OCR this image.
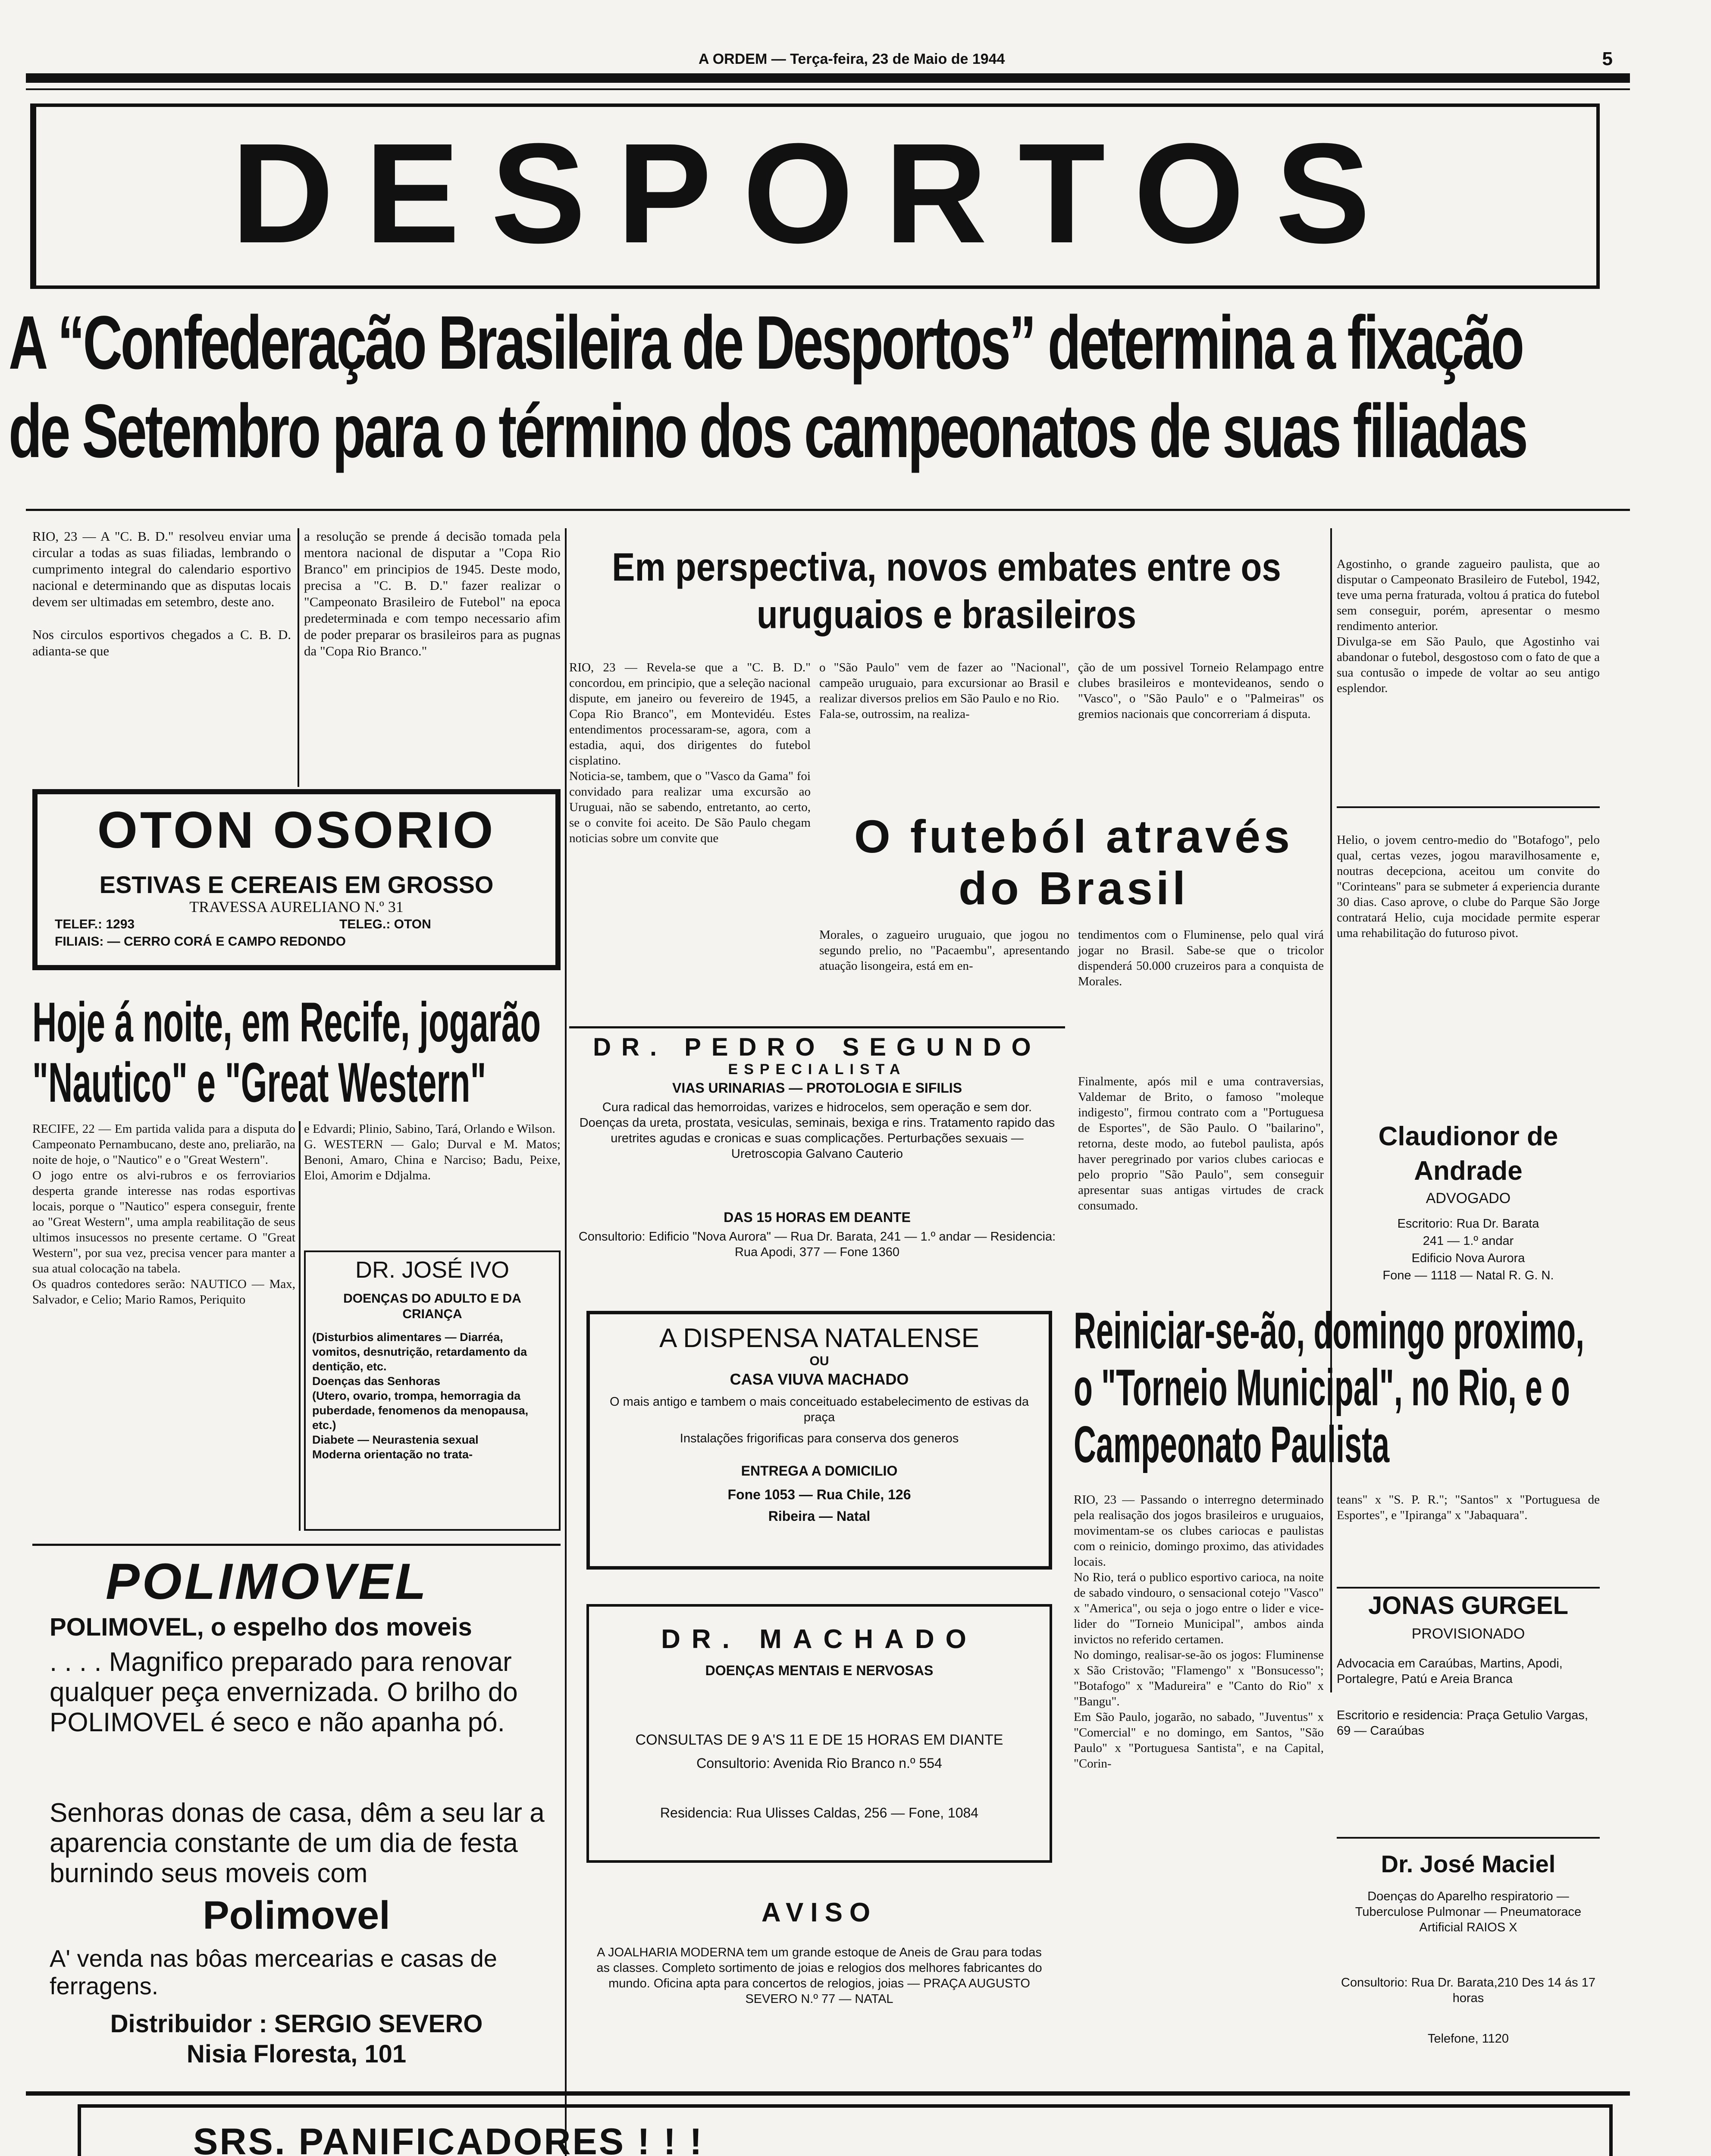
A ORDEM — Terça-feira, 23 de Maio de 1944	5
DESPORTOS
A “Confederação Brasileira de Desportos” determina a fixação
de Setembro para o término dos campeonatos de suas filiadas
RIO, 23 — A "C. B. D." resolveu enviar uma circular a todas as suas filiadas, lembrando o cumprimento integral do calendario esportivo nacional e determinando que as disputas locais devem ser ultimadas em setembro, deste ano.

Nos circulos esportivos chegados a C. B. D. adianta-se que
a resolução se prende á decisão tomada pela mentora nacional de disputar a "Copa Rio Branco" em principios de 1945. Deste modo, precisa a "C. B. D." fazer realizar o "Campeonato Brasileiro de Futebol" na epoca predeterminada e com tempo necessario afim de poder preparar os brasileiros para as pugnas da "Copa Rio Branco."
OTON OSORIO
ESTIVAS E CEREAIS EM GROSSO
TRAVESSA AURELIANO N.º 31
TELEF.: 1293	TELEG.: OTON
FILIAIS: — CERRO CORÁ E CAMPO REDONDO
Hoje á noite, em Recife, jogarão "Nautico" e "Great Western"
RECIFE, 22 — Em partida valida para a disputa do Campeonato Pernambucano, deste ano, preliarão, na noite de hoje, o "Nautico" e o "Great Western".
O jogo entre os alvi-rubros e os ferroviarios desperta grande interesse nas rodas esportivas locais, porque o "Nautico" espera conseguir, frente ao "Great Western", uma ampla reabilitação de seus ultimos insucessos no presente certame. O "Great Western", por sua vez, precisa vencer para manter a sua atual colocação na tabela.
Os quadros contedores serão: NAUTICO — Max, Salvador, e Celio; Mario Ramos, Periquito
e Edvardi; Plinio, Sabino, Tará, Orlando e Wilson.
G. WESTERN — Galo; Durval e M. Matos; Benoni, Amaro, China e Narciso; Badu, Peixe, Eloi, Amorim e Ddjalma.
DR. JOSÉ IVO
DOENÇAS DO ADULTO E DA CRIANÇA
(Disturbios alimentares — Diarréa, vomitos, desnutrição, retardamento da dentição, etc.
Doenças das Senhoras
(Utero, ovario, trompa, hemorragia da puberdade, fenomenos da menopausa, etc.)
Diabete — Neurastenia sexual
Moderna orientação no trata-
POLIMOVEL
POLIMOVEL, o espelho dos moveis
. . . . Magnifico preparado para renovar qualquer peça envernizada. O brilho do POLIMOVEL é seco e não apanha pó.
Senhoras donas de casa, dêm a seu lar a aparencia constante de um dia de festa burnindo seus moveis com
Polimovel
A' venda nas bôas mercearias e casas de ferragens.
Distribuidor : SERGIO SEVERO
Nisia Floresta, 101
Em perspectiva, novos embates entre os uruguaios e brasileiros
RIO, 23 — Revela-se que a "C. B. D." concordou, em principio, que a seleção nacional dispute, em janeiro ou fevereiro de 1945, a Copa Rio Branco", em Montevidéu. Estes entendimentos processaram-se, agora, com a estadia, aqui, dos dirigentes do futebol cisplatino.
Noticia-se, tambem, que o "Vasco da Gama" foi convidado para realizar uma excursão ao Uruguai, não se sabendo, entretanto, ao certo, se o convite foi aceito. De São Paulo chegam noticias sobre um convite que
o "São Paulo" vem de fazer ao "Nacional", campeão uruguaio, para excursionar ao Brasil e realizar diversos prelios em São Paulo e no Rio.
Fala-se, outrossim, na realiza-
ção de um possivel Torneio Relampago entre clubes brasileiros e montevideanos, sendo o "Vasco", o "São Paulo" e o "Palmeiras" os gremios nacionais que concorreriam á disputa.
O futeból através do Brasil
Morales, o zagueiro uruguaio, que jogou no segundo prelio, no "Pacaembu", apresentando atuação lisongeira, está em en-
tendimentos com o Fluminense, pelo qual virá jogar no Brasil. Sabe-se que o tricolor dispenderá 50.000 cruzeiros para a conquista de Morales.
Agostinho, o grande zagueiro paulista, que ao disputar o Campeonato Brasileiro de Futebol, 1942, teve uma perna fraturada, voltou á pratica do futebol sem conseguir, porém, apresentar o mesmo rendimento anterior.
Divulga-se em São Paulo, que Agostinho vai abandonar o futebol, desgostoso com o fato de que a sua contusão o impede de voltar ao seu antigo esplendor.
Helio, o jovem centro-medio do "Botafogo", pelo qual, certas vezes, jogou maravilhosamente e, noutras decepciona, aceitou um convite do "Corinteans" para se submeter á experiencia durante 30 dias. Caso aprove, o clube do Parque São Jorge contratará Helio, cuja mocidade permite esperar uma rehabilitação do futuroso pivot.
DR. PEDRO SEGUNDO
ESPECIALISTA
VIAS URINARIAS — PROTOLOGIA E SIFILIS
Cura radical das hemorroidas, varizes e hidrocelos, sem operação e sem dor. Doenças da ureta, prostata, vesiculas, seminais, bexiga e rins. Tratamento rapido das uretrites agudas e cronicas e suas complicações. Perturbações sexuais — Uretroscopia Galvano Cauterio
DAS 15 HORAS EM DEANTE
Consultorio: Edificio "Nova Aurora" — Rua Dr. Barata, 241 — 1.º andar — Residencia: Rua Apodi, 377 — Fone 1360
Finalmente, após mil e uma contraversias, Valdemar de Brito, o famoso "moleque indigesto", firmou contrato com a "Portuguesa de Esportes", de São Paulo. O "bailarino", retorna, deste modo, ao futebol paulista, após haver peregrinado por varios clubes cariocas e pelo proprio "São Paulo", sem conseguir apresentar suas antigas virtudes de crack consumado.
A DISPENSA NATALENSE
OU
CASA VIUVA MACHADO
O mais antigo e tambem o mais conceituado estabelecimento de estivas da praça
Instalações frigorificas para conserva dos generos
ENTREGA A DOMICILIO
Fone 1053 — Rua Chile, 126
Ribeira — Natal
DR. MACHADO
DOENÇAS MENTAIS E NERVOSAS
CONSULTAS DE 9 A'S 11 E DE 15 HORAS EM DIANTE
Consultorio: Avenida Rio Branco n.º 554
Residencia: Rua Ulisses Caldas, 256 — Fone, 1084
AVISO
A JOALHARIA MODERNA tem um grande estoque de Aneis de Grau para todas as classes. Completo sortimento de joias e relogios dos melhores fabricantes do mundo. Oficina apta para concertos de relogios, joias — PRAÇA AUGUSTO SEVERO N.º 77 — NATAL
Reiniciar-se-ão, domingo proximo, o "Torneio Municipal", no Rio, e o Campeonato Paulista
RIO, 23 — Passando o interregno determinado pela realisação dos jogos brasileiros e uruguaios, movimentam-se os clubes cariocas e paulistas com o reinicio, domingo proximo, das atividades locais.
No Rio, terá o publico esportivo carioca, na noite de sabado vindouro, o sensacional cotejo "Vasco" x "America", ou seja o jogo entre o lider e vice-lider do "Torneio Municipal", ambos ainda invictos no referido certamen.
No domingo, realisar-se-ão os jogos: Fluminense x São Cristovão; "Flamengo" x "Bonsucesso"; "Botafogo" x "Madureira" e "Canto do Rio" x "Bangu".
Em São Paulo, jogarão, no sabado, "Juventus" x "Comercial" e no domingo, em Santos, "São Paulo" x "Portuguesa Santista", e na Capital, "Corin-
teans" x "S. P. R."; "Santos" x "Portuguesa de Esportes", e "Ipiranga" x "Jabaquara".
Claudionor de
Andrade
ADVOGADO
Escritorio: Rua Dr. Barata
241 — 1.º andar
Edificio Nova Aurora
Fone — 1118 — Natal R. G. N.
JONAS GURGEL
PROVISIONADO
Advocacia em Caraúbas, Martins, Apodi, Portalegre, Patú e Areia Branca
Escritorio e residencia: Praça Getulio Vargas, 69 — Caraúbas
Dr. José Maciel
Doenças do Aparelho respiratorio — Tuberculose Pulmonar — Pneumatorace Artificial RAIOS X
Consultorio: Rua Dr. Barata,210 Des 14 ás 17 horas
Telefone, 1120
SRS. PANIFICADORES ! ! !
